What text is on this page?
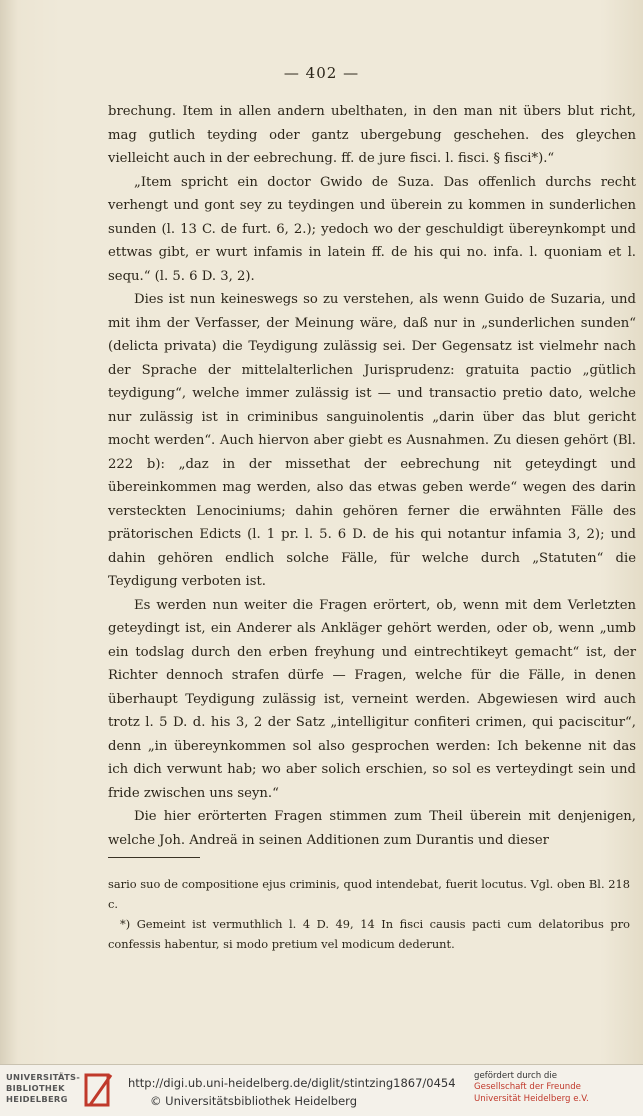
— 402 —

brechung. Item in allen andern ubelthaten, in den man nit übers blut richt, mag gutlich teyding oder gantz ubergebung geschehen. des gleychen vielleicht auch in der eebrechung. ff. de jure fisci. l. fisci. § fisci*).“

„Item spricht ein doctor Gwido de Suza. Das offenlich durchs recht verhengt und gont sey zu teydingen und überein zu kommen in sunderlichen sunden (l. 13 C. de furt. 6, 2.); yedoch wo der geschuldigt übereynkompt und ettwas gibt, er wurt infamis in latein ff. de his qui no. infa. l. quoniam et l. sequ.“ (l. 5. 6 D. 3, 2).

Dies ist nun keineswegs so zu verstehen, als wenn Guido de Suzaria, und mit ihm der Verfasser, der Meinung wäre, daß nur in „sunderlichen sunden“ (delicta privata) die Teydigung zulässig sei. Der Gegensatz ist vielmehr nach der Sprache der mittelalterlichen Jurisprudenz: gratuita pactio „gütlich teydigung“, welche immer zulässig ist — und transactio pretio dato, welche nur zulässig ist in criminibus sanguinolentis „darin über das blut gericht mocht werden“. Auch hiervon aber giebt es Ausnahmen. Zu diesen gehört (Bl. 222 b): „daz in der missethat der eebrechung nit geteydingt und übereinkommen mag werden, also das etwas geben werde“ wegen des darin versteckten Lenociniums; dahin gehören ferner die erwähnten Fälle des prätorischen Edicts (l. 1 pr. l. 5. 6 D. de his qui notantur infamia 3, 2); und dahin gehören endlich solche Fälle, für welche durch „Statuten“ die Teydigung verboten ist.

Es werden nun weiter die Fragen erörtert, ob, wenn mit dem Verletzten geteydingt ist, ein Anderer als Ankläger gehört werden, oder ob, wenn „umb ein todslag durch den erben freyhung und eintrechtikeyt gemacht“ ist, der Richter dennoch strafen dürfe — Fragen, welche für die Fälle, in denen überhaupt Teydigung zulässig ist, verneint werden. Abgewiesen wird auch trotz l. 5 D. d. his 3, 2 der Satz „intelligitur confiteri crimen, qui paciscitur“, denn „in übereynkommen sol also gesprochen werden: Ich bekenne nit das ich dich verwunt hab; wo aber solich erschien, so sol es verteydingt sein und fride zwischen uns seyn.“

Die hier erörterten Fragen stimmen zum Theil überein mit denjenigen, welche Joh. Andreä in seinen Additionen zum Durantis und dieser

sario suo de compositione ejus criminis, quod intendebat, fuerit locutus. Vgl. oben Bl. 218 c.

*) Gemeint ist vermuthlich l. 4 D. 49, 14 In fisci causis pacti cum delatoribus pro confessis habentur, si modo pretium vel modicum dederunt.

UNIVERSITÄTS-
BIBLIOTHEK
HEIDELBERG
http://digi.ub.uni-heidelberg.de/diglit/stintzing1867/0454
© Universitätsbibliothek Heidelberg
gefördert durch die
Gesellschaft der Freunde
Universität Heidelberg e.V.
